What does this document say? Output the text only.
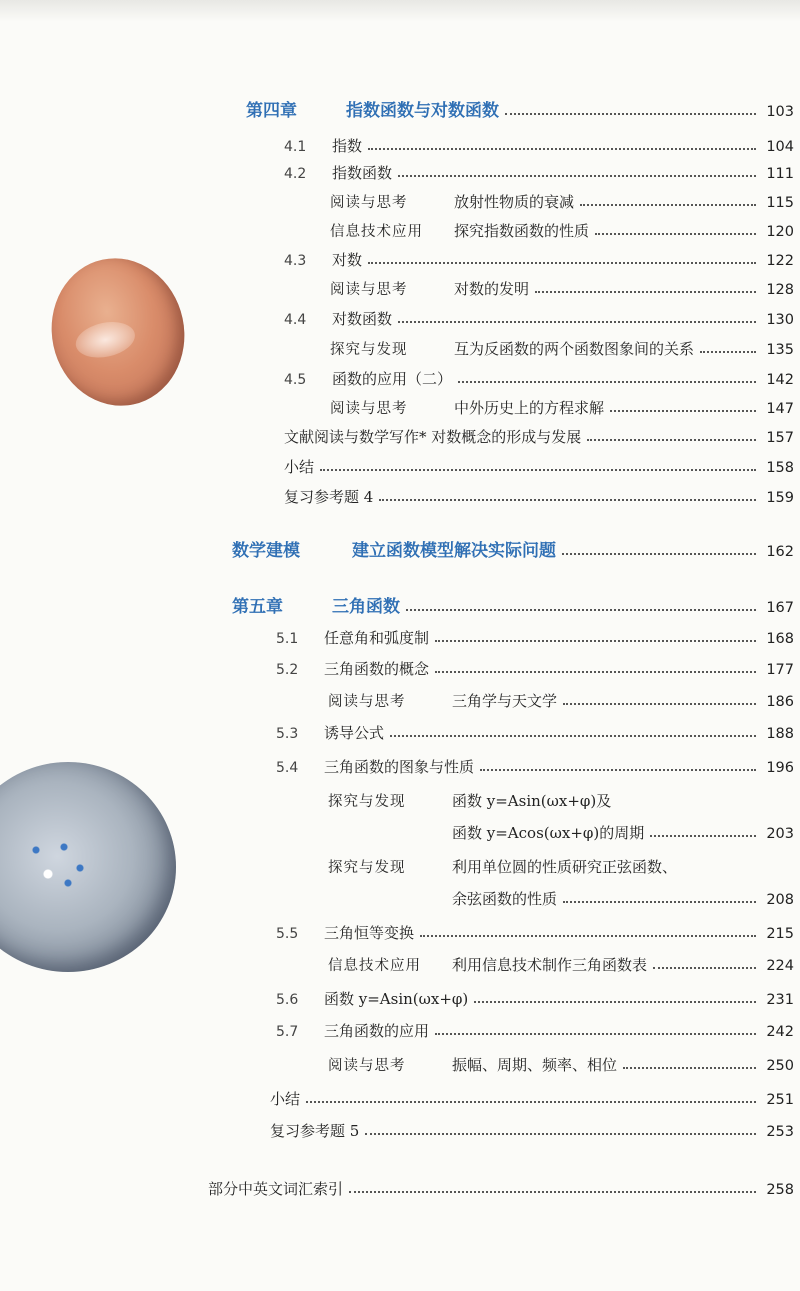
第四章	指数函数与对数函数	103
4.1	指数	104
4.2	指数函数	111
阅读与思考	放射性物质的衰减	115
信息技术应用	探究指数函数的性质	120
4.3	对数	122
阅读与思考	对数的发明	128
4.4	对数函数	130
探究与发现	互为反函数的两个函数图象间的关系	135
4.5	函数的应用（二）	142
阅读与思考	中外历史上的方程求解	147
文献阅读与数学写作* 对数概念的形成与发展	157
小结	158
复习参考题 4	159
数学建模	建立函数模型解决实际问题	162
第五章	三角函数	167
5.1	任意角和弧度制	168
5.2	三角函数的概念	177
阅读与思考	三角学与天文学	186
5.3	诱导公式	188
5.4	三角函数的图象与性质	196
探究与发现	函数 y=Asin(ωx+φ)及
函数 y=Acos(ωx+φ)的周期	203
探究与发现	利用单位圆的性质研究正弦函数、
余弦函数的性质	208
5.5	三角恒等变换	215
信息技术应用	利用信息技术制作三角函数表	224
5.6	函数 y=Asin(ωx+φ)	231
5.7	三角函数的应用	242
阅读与思考	振幅、周期、频率、相位	250
小结	251
复习参考题 5	253
部分中英文词汇索引	258
